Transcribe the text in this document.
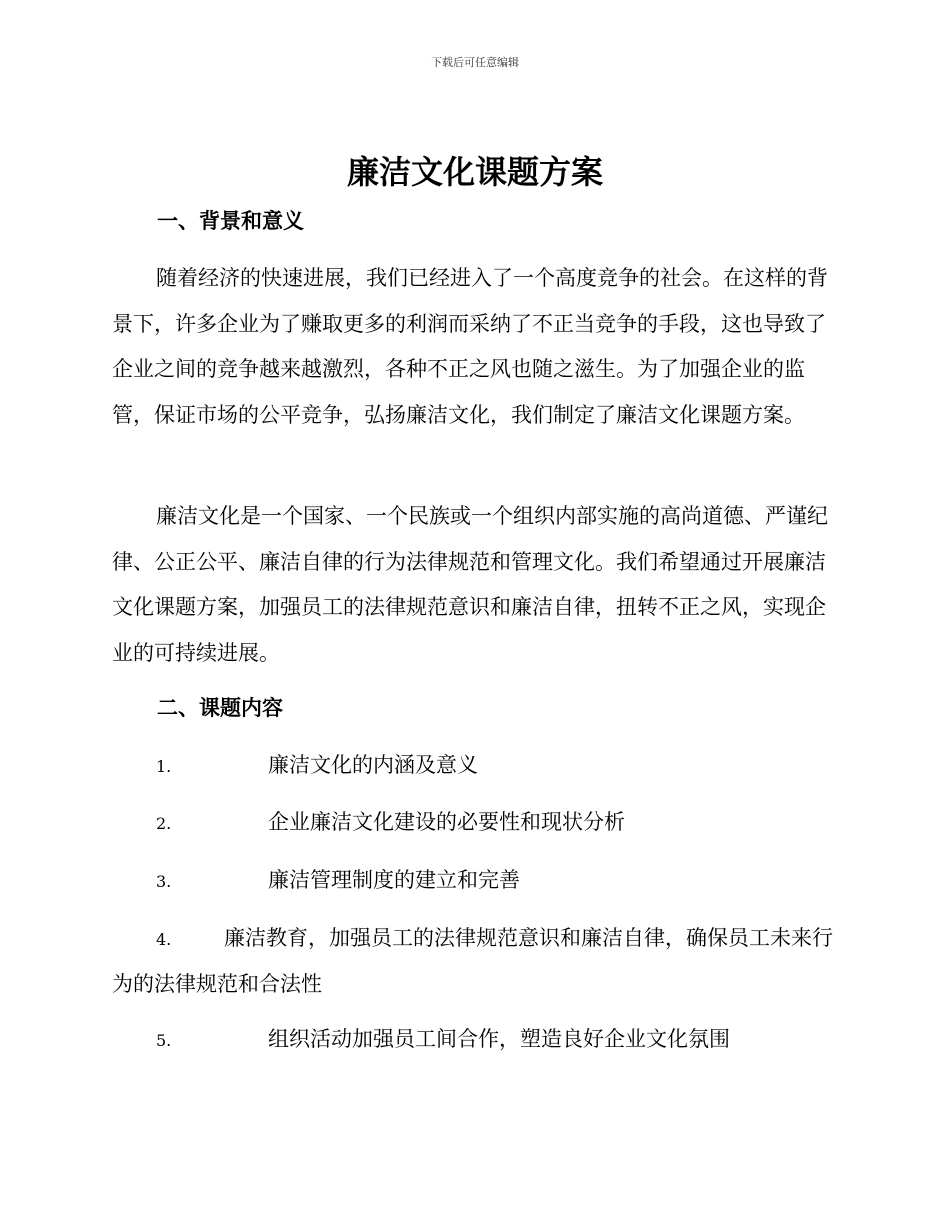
下载后可任意编辑
廉洁文化课题方案
一、背景和意义

随着经济的快速进展，我们已经进入了一个高度竞争的社会。在这样的背景下，许多企业为了赚取更多的利润而采纳了不正当竞争的手段，这也导致了企业之间的竞争越来越激烈，各种不正之风也随之滋生。为了加强企业的监管，保证市场的公平竞争，弘扬廉洁文化，我们制定了廉洁文化课题方案。

廉洁文化是一个国家、一个民族或一个组织内部实施的高尚道德、严谨纪律、公正公平、廉洁自律的行为法律规范和管理文化。我们希望通过开展廉洁文化课题方案，加强员工的法律规范意识和廉洁自律，扭转不正之风，实现企业的可持续进展。

二、课题内容
1.	廉洁文化的内涵及意义
2.	企业廉洁文化建设的必要性和现状分析
3.	廉洁管理制度的建立和完善
4.	廉洁教育，加强员工的法律规范意识和廉洁自律，确保员工未来行为的法律规范和合法性
5.	组织活动加强员工间合作，塑造良好企业文化氛围
